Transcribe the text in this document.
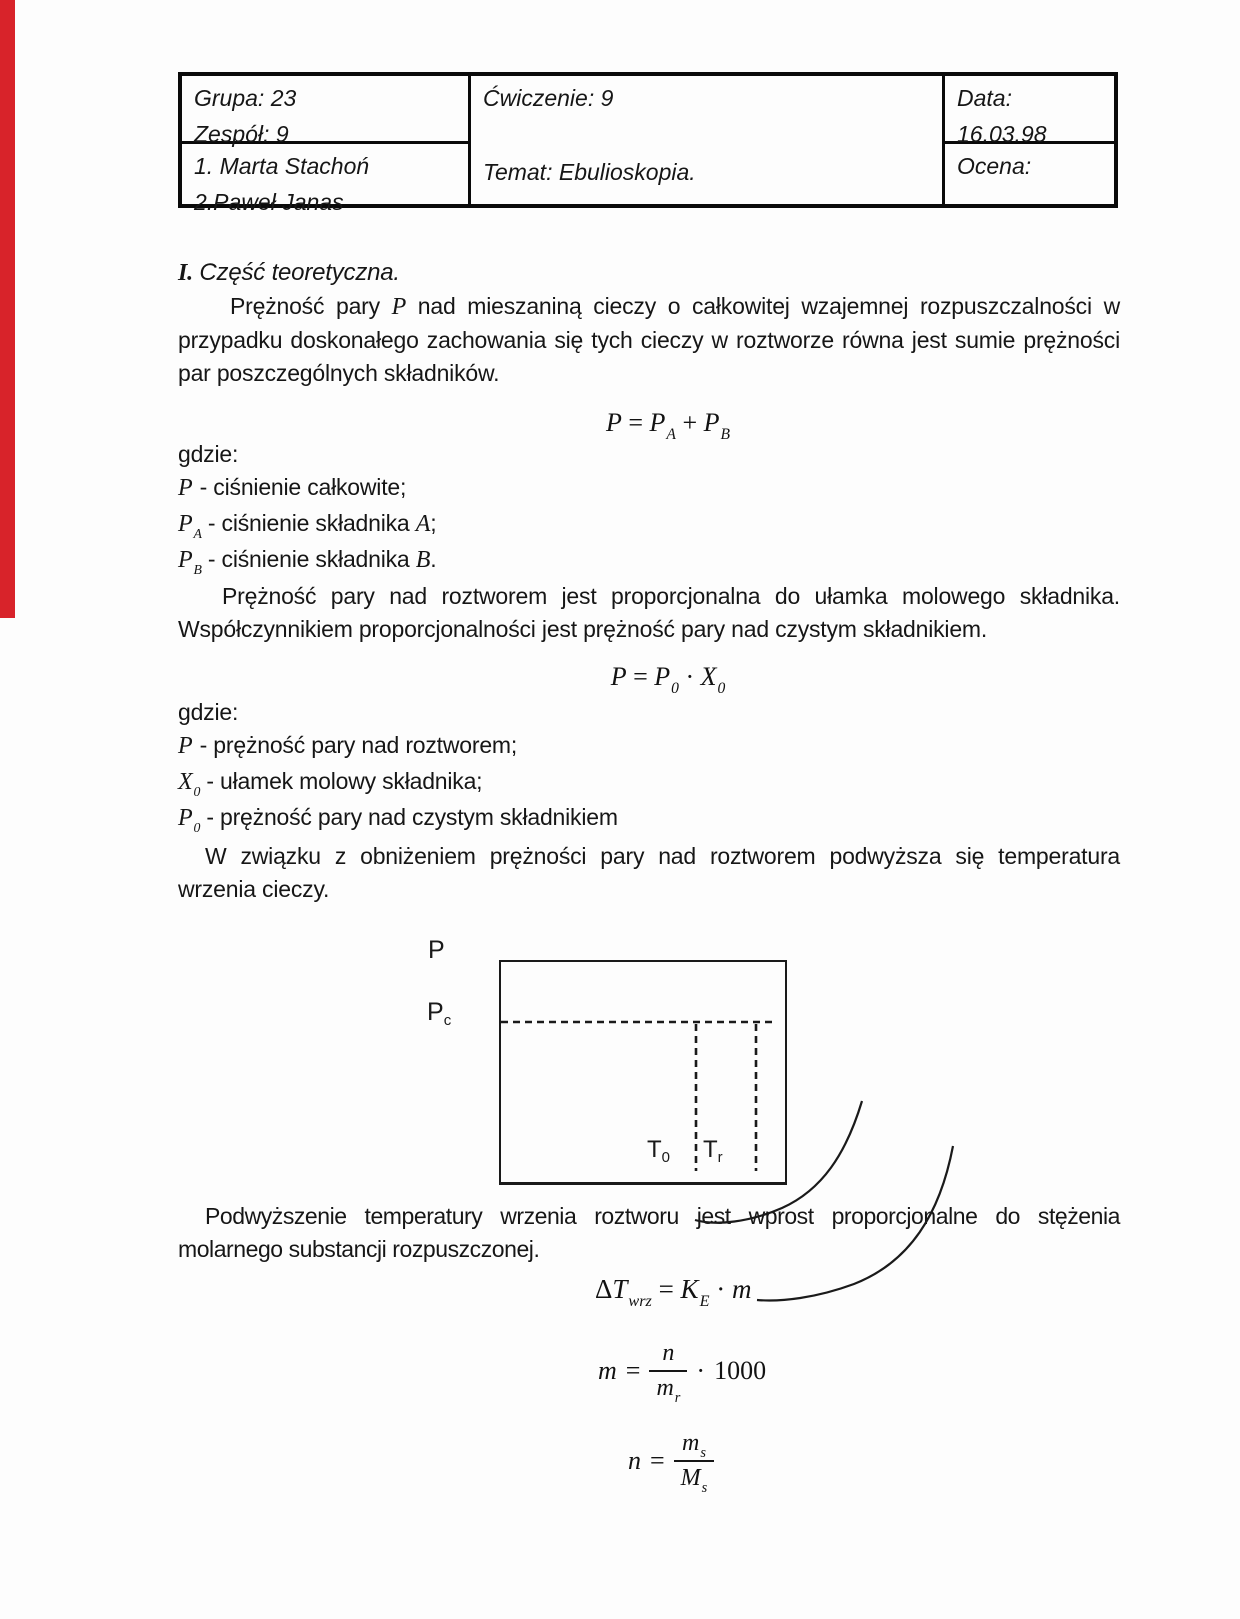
Grupa: 23
Zespół: 9
1. Marta Stachoń
2.Paweł Janas
Ćwiczenie: 9
Temat: Ebulioskopia.
Data: 16.03.98
Ocena:
I. Część teoretyczna.
Prężność pary P nad mieszaniną cieczy o całkowitej wzajemnej rozpuszczalności w przypadku doskonałego zachowania się tych cieczy w roztworze równa jest sumie prężności par poszczególnych składników.
$P = P_A + P_B$
gdzie:
P - ciśnienie całkowite;
$P_A$ - ciśnienie składnika A;
$P_B$ - ciśnienie składnika B.
Prężność pary nad roztworem jest proporcjonalna do ułamka molowego składnika. Współczynnikiem proporcjonalności jest prężność pary nad czystym składnikiem.
$P = P_0 \cdot X_0$
gdzie:
P - prężność pary nad roztworem;
$X_0$ - ułamek molowy składnika;
$P_0$ - prężność pary nad czystym składnikiem
W związku z obniżeniem prężności pary nad roztworem podwyższa się temperatura wrzenia cieczy.
P
$P_c$
$T_0$ $T_r$
Podwyższenie temperatury wrzenia roztworu jest wprost proporcjonalne do stężenia molarnego substancji rozpuszczonej.
$\Delta T_{wrz} = K_E \cdot m$
$m = \frac{n}{m_r} \cdot 1000$
$n = \frac{m_s}{M_s}$
